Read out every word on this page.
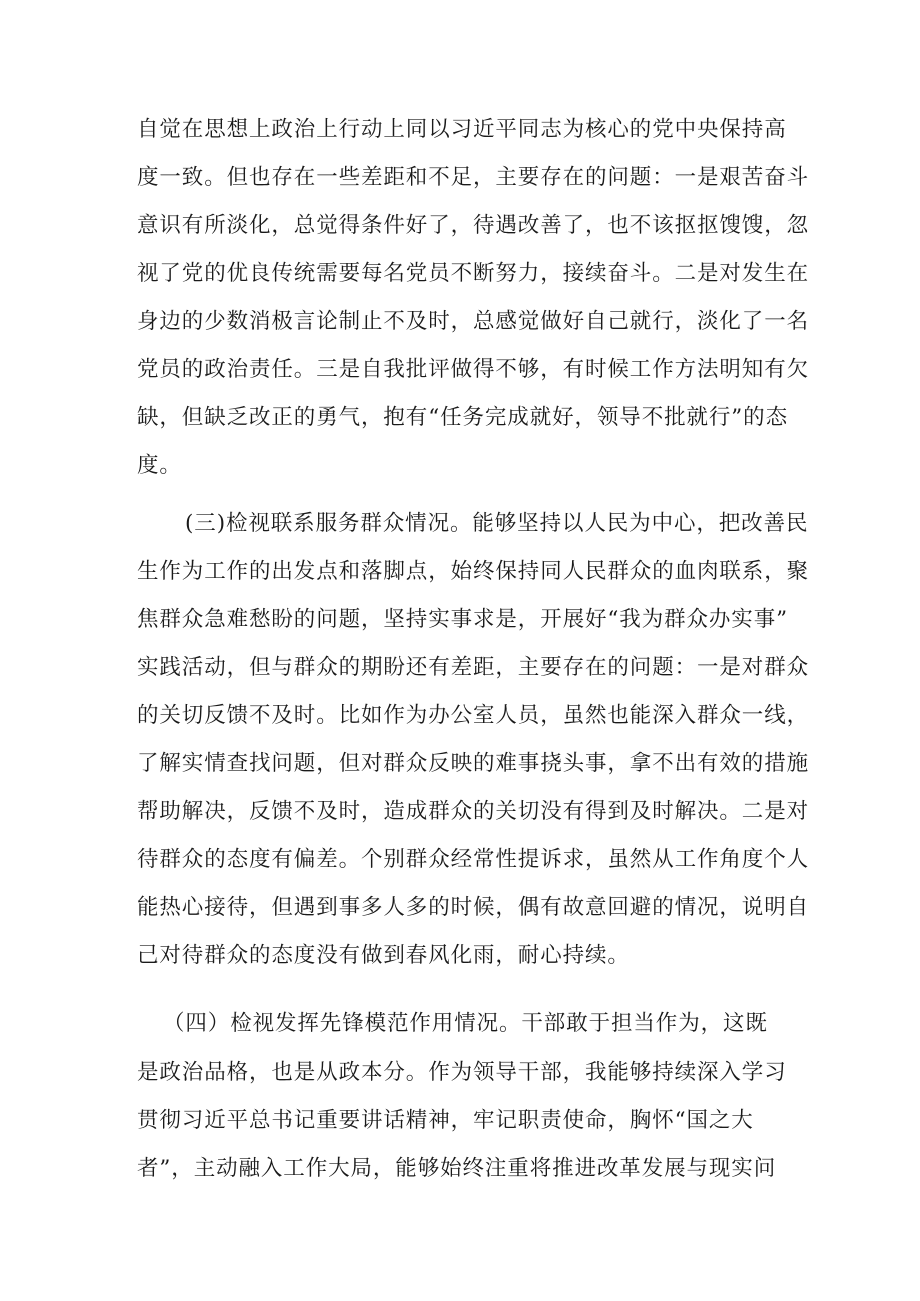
自觉在思想上政治上行动上同以习近平同志为核心的党中央保持高
度一致。但也存在一些差距和不足，主要存在的问题：一是艰苦奋斗
意识有所淡化，总觉得条件好了，待遇改善了，也不该抠抠馊馊，忽
视了党的优良传统需要每名党员不断努力，接续奋斗。二是对发生在
身边的少数消极言论制止不及时，总感觉做好自己就行，淡化了一名
党员的政治责任。三是自我批评做得不够，有时候工作方法明知有欠
缺，但缺乏改正的勇气，抱有“任务完成就好，领导不批就行”的态
度。
(三)检视联系服务群众情况。能够坚持以人民为中心，把改善民
生作为工作的出发点和落脚点，始终保持同人民群众的血肉联系，聚
焦群众急难愁盼的问题，坚持实事求是，开展好“我为群众办实事”
实践活动，但与群众的期盼还有差距，主要存在的问题：一是对群众
的关切反馈不及时。比如作为办公室人员，虽然也能深入群众一线，
了解实情查找问题，但对群众反映的难事挠头事，拿不出有效的措施
帮助解决，反馈不及时，造成群众的关切没有得到及时解决。二是对
待群众的态度有偏差。个别群众经常性提诉求，虽然从工作角度个人
能热心接待，但遇到事多人多的时候，偶有故意回避的情况，说明自
己对待群众的态度没有做到春风化雨，耐心持续。
（四）检视发挥先锋模范作用情况。干部敢于担当作为，这既
是政治品格，也是从政本分。作为领导干部，我能够持续深入学习
贯彻习近平总书记重要讲话精神，牢记职责使命，胸怀“国之大
者”，主动融入工作大局，能够始终注重将推进改革发展与现实问
